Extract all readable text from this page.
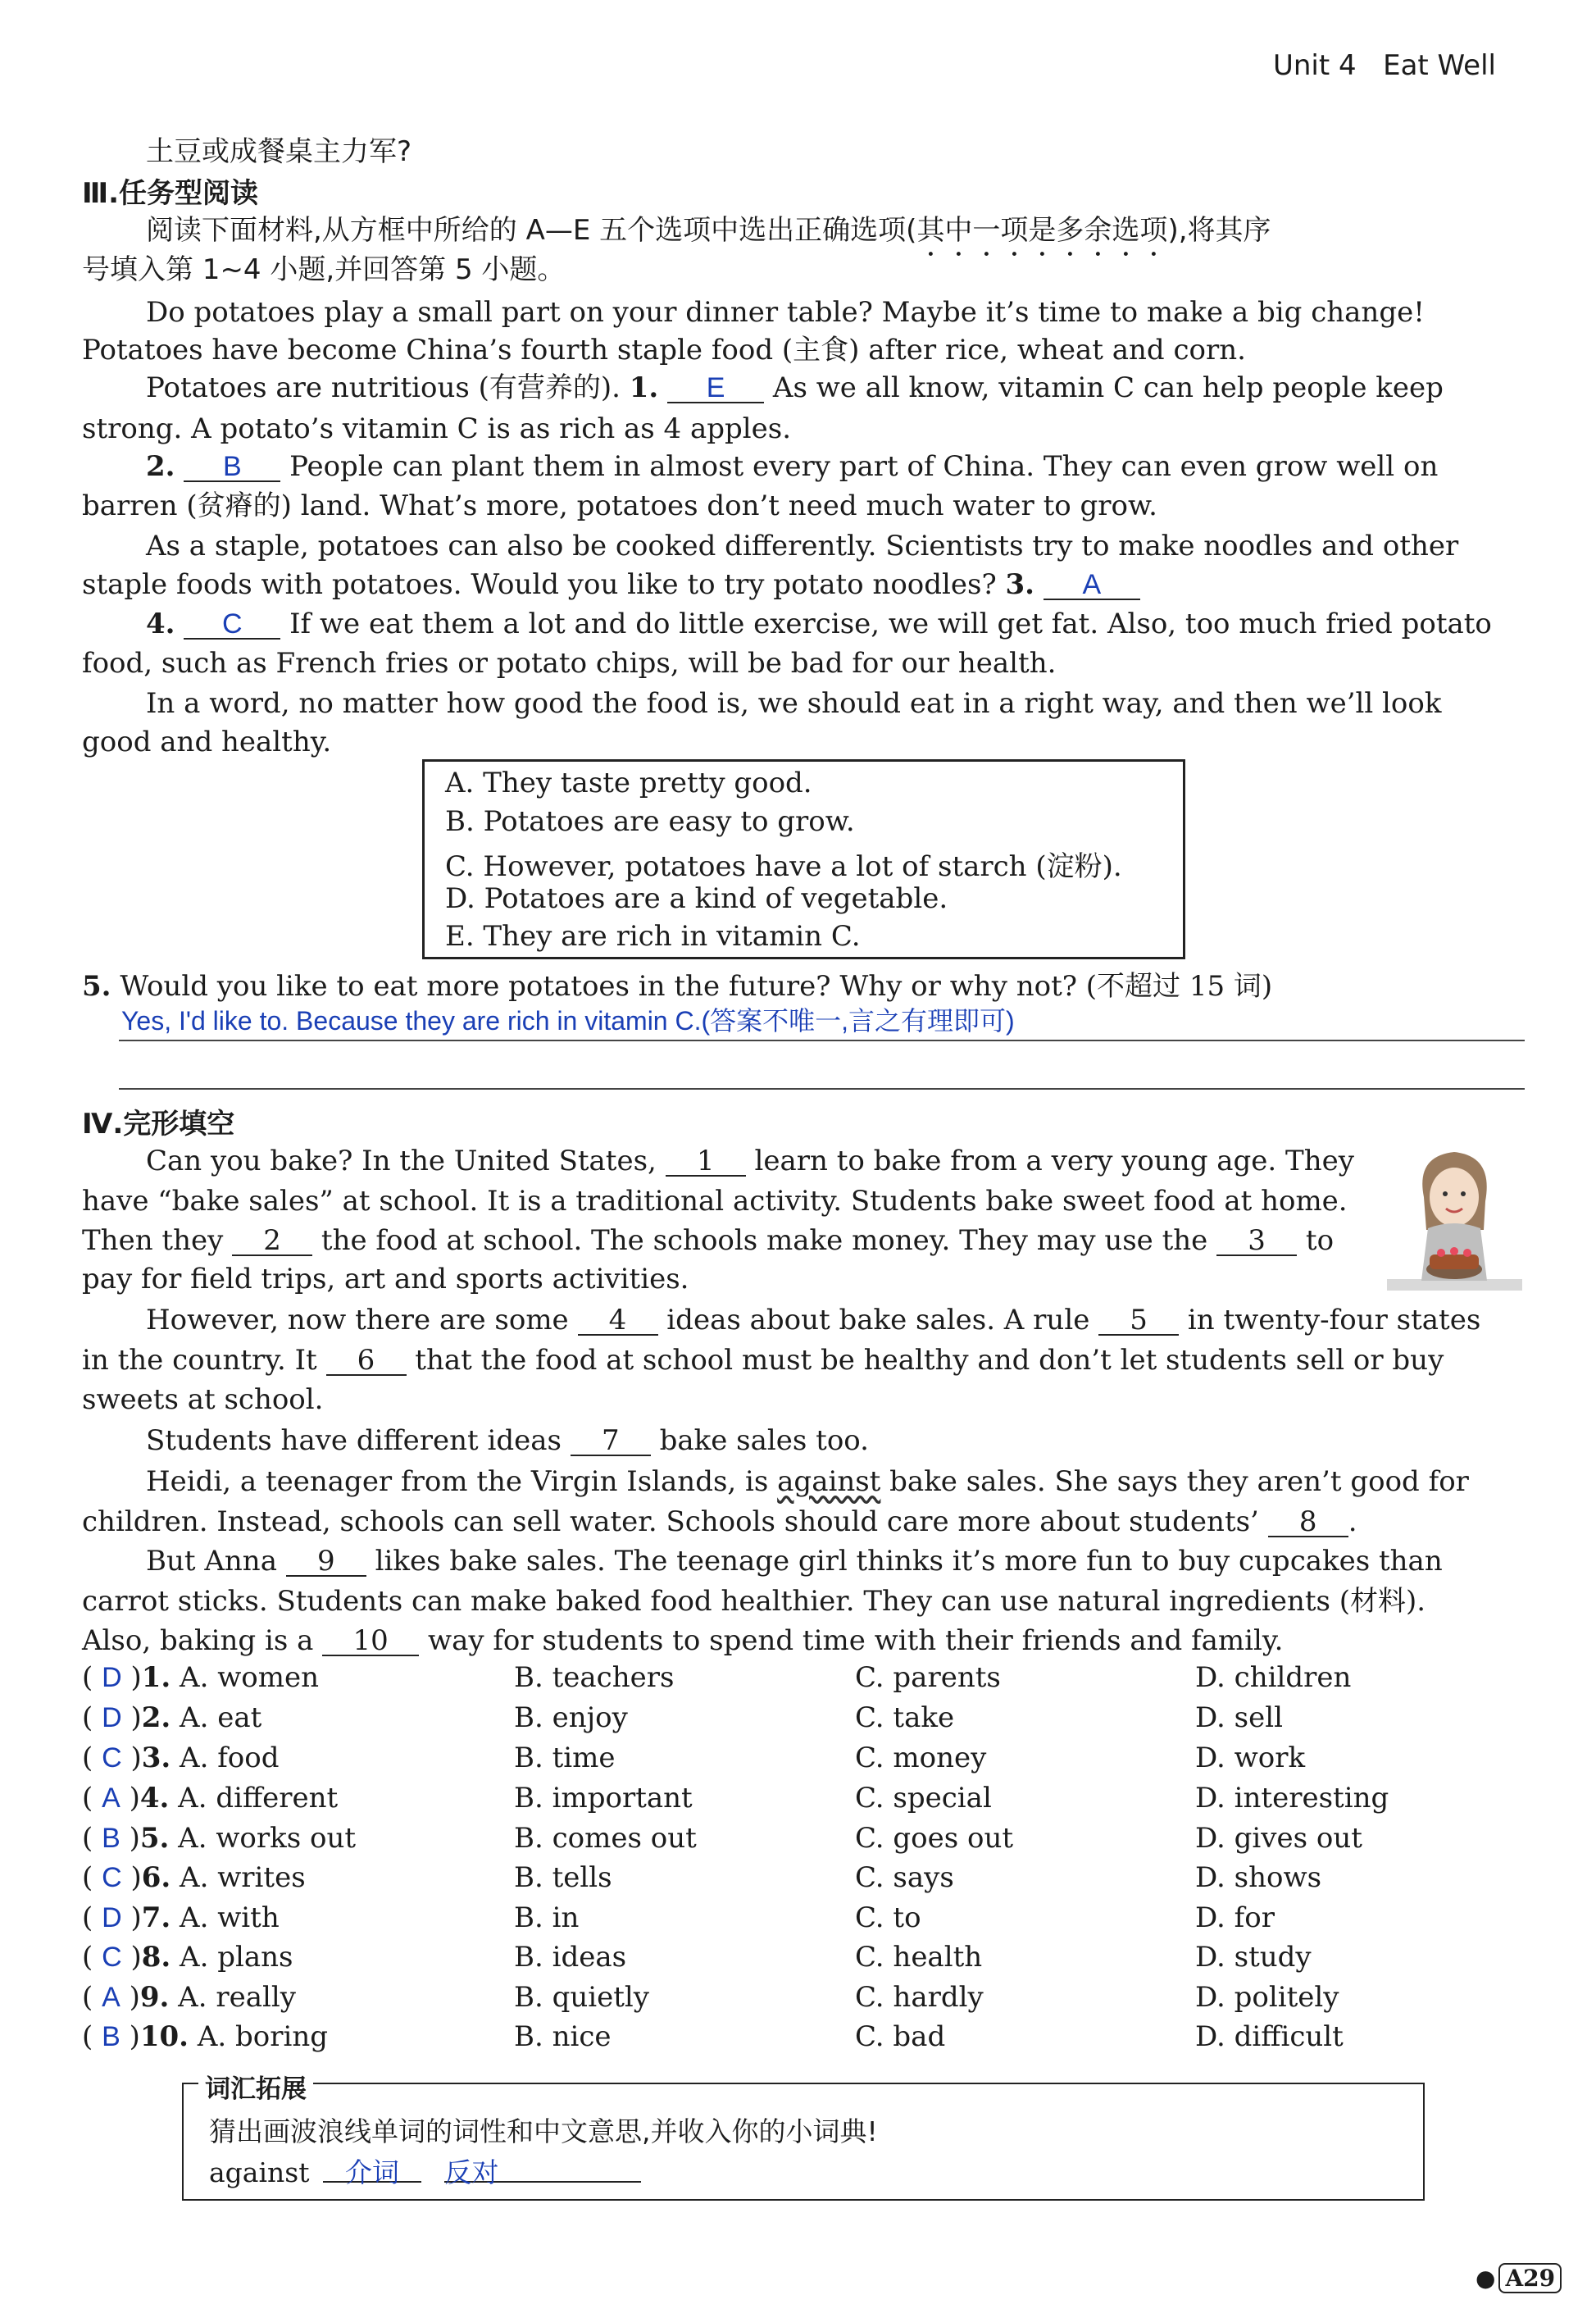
Unit 4 Eat Well
土豆或成餐桌主力军?
Ⅲ.任务型阅读
阅读下面材料,从方框中所给的 A—E 五个选项中选出正确选项(其中一项是多余选项),将其序
号填入第 1~4 小题,并回答第 5 小题。
Do potatoes play a small part on your dinner table? Maybe it’s time to make a big change!
Potatoes have become China’s fourth staple food (主食) after rice, wheat and corn.
Potatoes are nutritious (有营养的). 1. E As we all know, vitamin C can help people keep
strong. A potato’s vitamin C is as rich as 4 apples.
2. B People can plant them in almost every part of China. They can even grow well on
barren (贫瘠的) land. What’s more, potatoes don’t need much water to grow.
As a staple, potatoes can also be cooked differently. Scientists try to make noodles and other
staple foods with potatoes. Would you like to try potato noodles? 3. A
4. C If we eat them a lot and do little exercise, we will get fat. Also, too much fried potato
food, such as French fries or potato chips, will be bad for our health.
In a word, no matter how good the food is, we should eat in a right way, and then we’ll look
good and healthy.
A. They taste pretty good.
B. Potatoes are easy to grow.
C. However, potatoes have a lot of starch (淀粉).
D. Potatoes are a kind of vegetable.
E. They are rich in vitamin C.
5. Would you like to eat more potatoes in the future? Why or why not? (不超过 15 词)
Yes, I'd like to. Because they are rich in vitamin C.(答案不唯一,言之有理即可)
Ⅳ.完形填空
Can you bake? In the United States, 1 learn to bake from a very young age. They
have “bake sales” at school. It is a traditional activity. Students bake sweet food at home.
Then they 2 the food at school. The schools make money. They may use the 3 to
pay for field trips, art and sports activities.
However, now there are some 4 ideas about bake sales. A rule 5 in twenty-four states
in the country. It 6 that the food at school must be healthy and don’t let students sell or buy
sweets at school.
Students have different ideas 7 bake sales too.
Heidi, a teenager from the Virgin Islands, is against bake sales. She says they aren’t good for
children. Instead, schools can sell water. Schools should care more about students’ 8 .
But Anna 9 likes bake sales. The teenage girl thinks it’s more fun to buy cupcakes than
carrot sticks. Students can make baked food healthier. They can use natural ingredients (材料).
Also, baking is a 10 way for students to spend time with their friends and family.
( D )1. A. women	B. teachers	C. parents	D. children
( D )2. A. eat	B. enjoy	C. take	D. sell
( C )3. A. food	B. time	C. money	D. work
( A )4. A. different	B. important	C. special	D. interesting
( B )5. A. works out	B. comes out	C. goes out	D. gives out
( C )6. A. writes	B. tells	C. says	D. shows
( D )7. A. with	B. in	C. to	D. for
( C )8. A. plans	B. ideas	C. health	D. study
( A )9. A. really	B. quietly	C. hardly	D. politely
( B )10. A. boring	B. nice	C. bad	D. difficult
词汇拓展
猜出画波浪线单词的词性和中文意思,并收入你的小词典!
against 介词 反对
● A29
